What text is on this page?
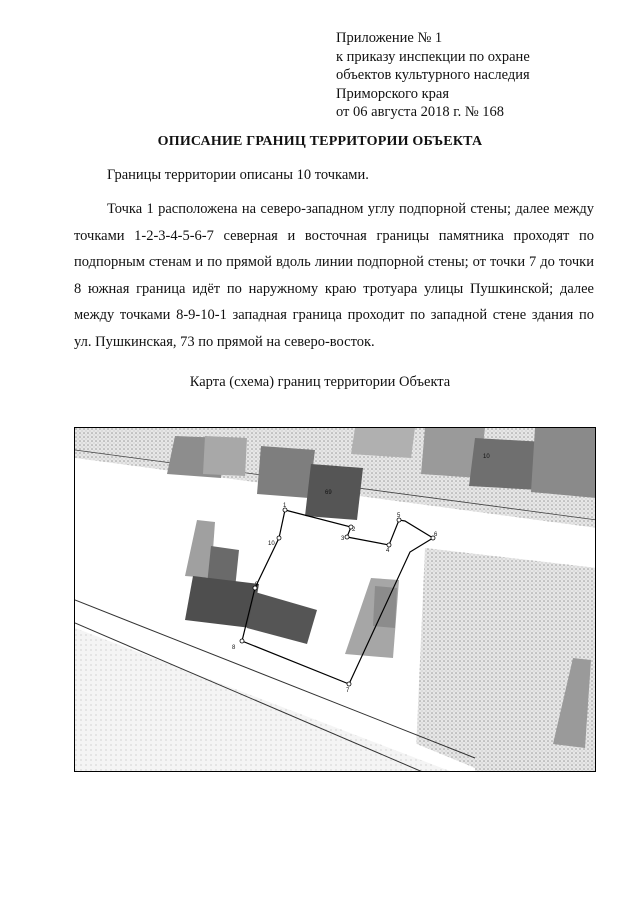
Приложение № 1
к приказу инспекции по охране
объектов культурного наследия
Приморского края
от 06 августа 2018 г. № 168
ОПИСАНИЕ ГРАНИЦ ТЕРРИТОРИИ ОБЪЕКТА
Границы территории описаны 10 точками.
Точка 1 расположена на северо-западном углу подпорной стены; далее между точками 1-2-3-4-5-6-7 северная и восточная границы памятника проходят по подпорным стенам и по прямой вдоль линии подпорной стены; от точки 7 до точки 8 южная граница идёт по наружному краю тротуара улицы Пушкинской; далее между точками 8-9-10-1 западная граница проходит по западной стене здания по ул. Пушкинская, 73 по прямой на северо-восток.
Карта (схема) границ территории Объекта
10
69
1
2
3
4
5
6
7
8
9
10
